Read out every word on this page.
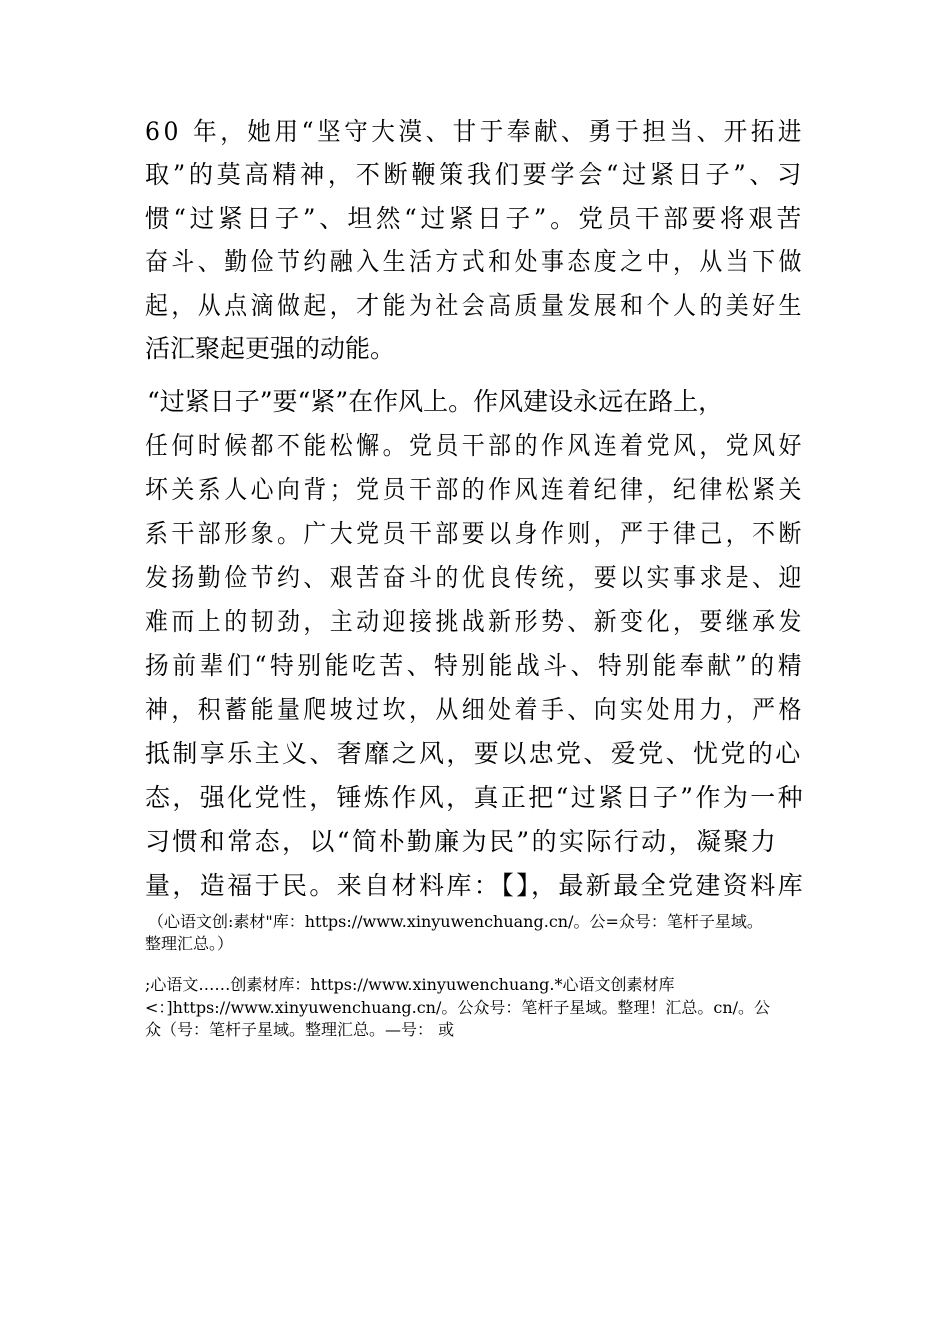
60 年，她用“坚守大漠、甘于奉献、勇于担当、开拓进

取”的莫高精神，不断鞭策我们要学会“过紧日子”、习

惯“过紧日子”、坦然“过紧日子”。党员干部要将艰苦

奋斗、勤俭节约融入生活方式和处事态度之中，从当下做

起，从点滴做起，才能为社会高质量发展和个人的美好生

活汇聚起更强的动能。

“过紧日子”要“紧”在作风上。作风建设永远在路上，

任何时候都不能松懈。党员干部的作风连着党风，党风好

坏关系人心向背；党员干部的作风连着纪律，纪律松紧关

系干部形象。广大党员干部要以身作则，严于律己，不断

发扬勤俭节约、艰苦奋斗的优良传统，要以实事求是、迎

难而上的韧劲，主动迎接挑战新形势、新变化，要继承发

扬前辈们“特别能吃苦、特别能战斗、特别能奉献”的精

神，积蓄能量爬坡过坎，从细处着手、向实处用力，严格

抵制享乐主义、奢靡之风，要以忠党、爱党、忧党的心

态，强化党性，锤炼作风，真正把“过紧日子”作为一种

习惯和常态，以“简朴勤廉为民”的实际行动，凝聚力

量，造福于民。来自材料库：【】，最新最全党建资料库

（心语文创:素材"库：https://www.xinyuwenchuang.cn/。公=众号：笔杆子星域。

整理汇总。）

;心语文……创素材库：https://www.xinyuwenchuang.*心语文创素材库

<：]https://www.xinyuwenchuang.cn/。公众号：笔杆子星域。整理！汇总。cn/。公

众（号：笔杆子星域。整理汇总。—号： 或
